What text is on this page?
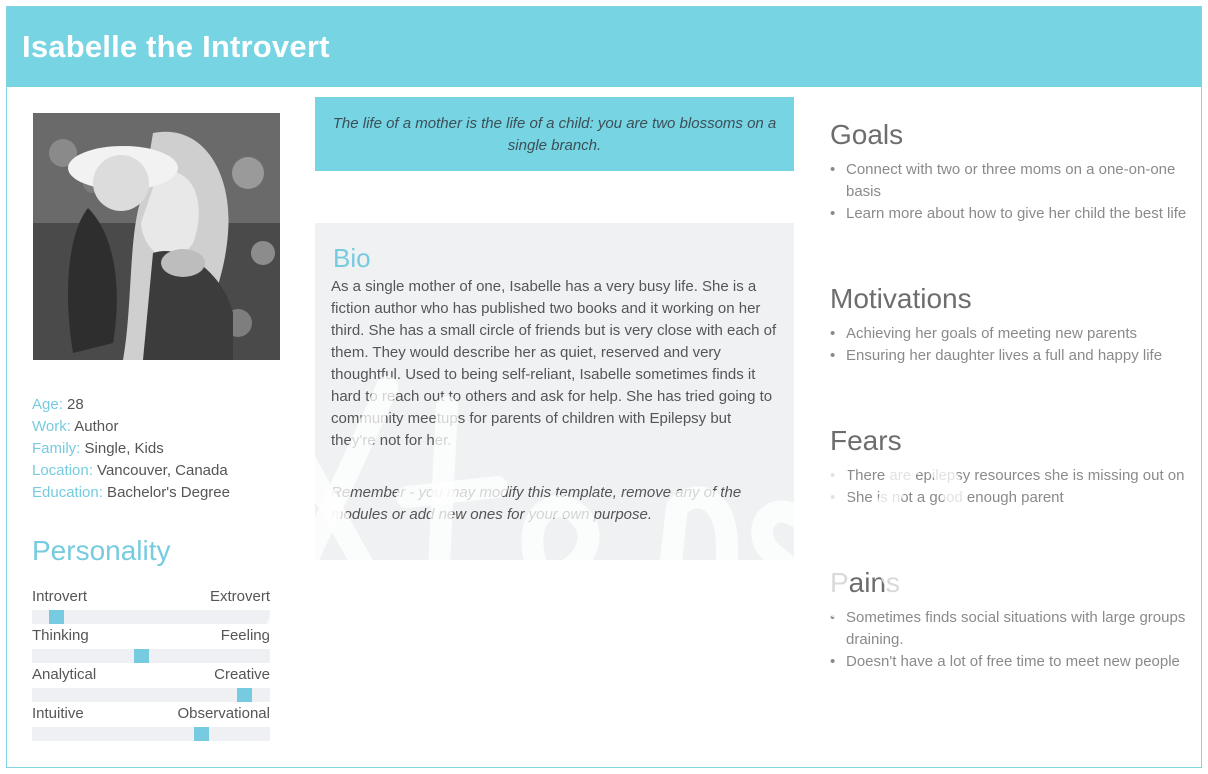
Isabelle the Introvert
Age: 28
Work: Author
Family: Single, Kids
Location: Vancouver, Canada
Education: Bachelor's Degree
Personality
Introvert	Extrovert
Thinking	Feeling
Analytical	Creative
Intuitive	Observational
The life of a mother is the life of a child: you are two blossoms on a single branch.
Bio

As a single mother of one, Isabelle has a very busy life. She is a fiction author who has published two books and it working on her third. She has a small circle of friends but is very close with each of them. They would describe her as quiet, reserved and very thoughtful. Used to being self-reliant, Isabelle sometimes finds it hard to reach out to others and ask for help. She has tried going to community meetups for parents of children with Epilepsy but they're not for her.

Remember - you may modify this template, remove any of the modules or add new ones for your own purpose.

Goals
• Connect with two or three moms on a one-on-one basis
• Learn more about how to give her child the best life
Motivations
• Achieving her goals of meeting new parents
• Ensuring her daughter lives a full and happy life
Fears
• There are epilepsy resources she is missing out on
• She is not a good enough parent
Pains
• Sometimes finds social situations with large groups draining.
• Doesn't have a lot of free time to meet new people
